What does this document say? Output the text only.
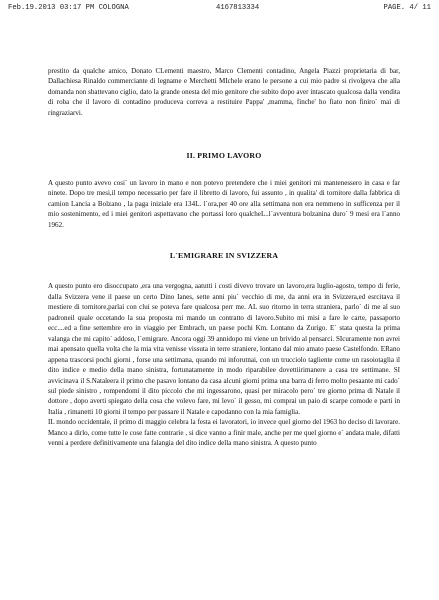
Feb.19.2013 03:17 PM COLOGNA	4167813334	PAGE. 4/ 11

prestito da qualche amico, Donato CLementi maestro, Marco Clementi contadino, Angela Piazzi proprietaria di bar, Dallachiesa Rinaldo commerciante di legname e Merchetti MIchele erano le persone a cui mio padre si rivolgeva che alla domanda non sbattevano ciglio, dato la grande onesta del mio genitore che subito dopo aver intascato qualcosa dalla vendita di roba che il lavoro di contadino produceva correva a restituire Pappa' ,mamma, finche' ho fiato non finiro` mai di ringraziarvi.

II. PRIMO LAVORO

A questo punto avevo cosi` un lavoro in mano e non potevo pretendere che i miei genitori mi mantenessero in casa e far ninete. Dopo tre mesi,il tempo necessario per fare il libretto di lavoro, fui assunto , in qualita' di tornitore dalla fabbrica di camion Lancia a Bolzano , la paga iniziale era 134L. l`ora,per 40 ore alla settimana non era nemmeno in sufficenza per il mio sostenimento, ed i miei genitori aspettavano che portassi loro qualcheL..l`avventura bolzanina duro` 9 mesi era l`anno 1962.

L`EMIGRARE IN SVIZZERA

A questo punto ero disoccupato ,era una vergogna, aatutti i costi divevo trovare un lavoro,era luglio-agosto, tempo di ferie, dalla Svizzera vene il paese un certo Dino Ianes, sette anni piu` vecchio di me, da anni era in Svizzera,ed esrcitava il mestiere di tornitore,parlai con clui se poteva fare qualcosa perr me. AL suo ritorno in terra straniera, parlo` di me al suo padroneil quale occetando la sua proposta mi mando un contratto di lavoro.Subito mi misi a fare le carte, passaporto ecc....ed a fine settembre ero in viaggio per Embrach, un paese pochi Km. Lontano da Zurigo. E` stata questa la prima valanga che mi capito` addoso, l`emigrare. Ancora oggi 39 annidopo mi viene un brivido al pensarci. SIcuramente non avrei mai apensato quella volta che la mia vita venisse vissuta in terre straniere, lontano dal mio amato paese Castelfondo. ERano appena trascorsi pochi giorni , forse una settimana, quando mi inforutnai, con un trucciolo tagliente come un rasoiotaglia il dito indice e medio della mano sinistra, fortunatamente in modo riparabilee dovettiirimanere a casa tre settimane. SI avvicinava il S.Nataleera il primo che pasavo lontano da casa alcuni giorni prima una barra di ferro molto pesaante mi cado` sul piede sinistro , rompendomi il dito piccolo che mi ingessarono, quasi per miracolo pero` tre giorno prima di Natale il dottore , dopo averti spiegato della cosa che volevo fare, mi levo` il gesso, mi comprai un paio di scarpe comode e parti in Italia , rimanetti 10 giorni il tempo per passare il Natale e capodanno con la mia famiglia.

IL mondo occidentale, il primo di maggio celebra la festa ei lavoratori, io invece quel giorno del 1963 ho deciso di lavorare. Manco a dirlo, come tutte le cose fatte contrarie , si dice vanno a finir male, anche per me quel giorno e` andata male, difatti venni a perdere definitivamente una falangia del dito indice della mano sinistra. A questo punto
